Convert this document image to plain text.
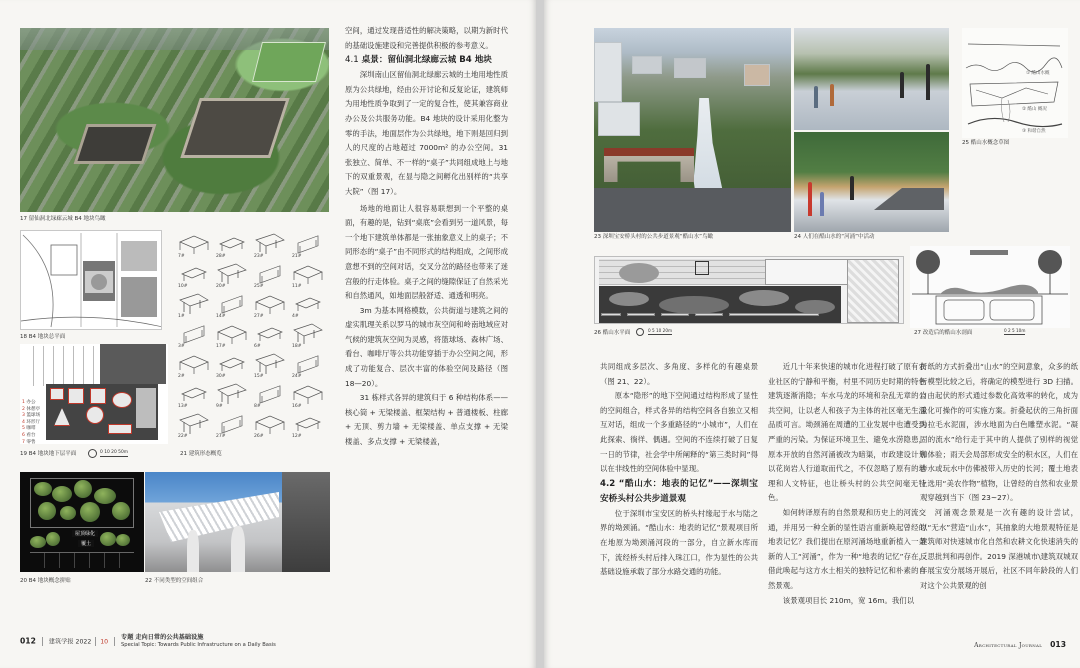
17 留仙洞北绿廊云城 B4 地块鸟瞰
18 B4 地块总平面
1 办公
2 休憩亭
3 篮球场
4 环形厅
5 咖啡
6 看台
7 零售
19 B4 地块地下层平面	0 10 20 50m
7#	28#	23#	21#
10#	20#	25#	11#
1#	14#	27#	4#
3#	17#	6#	18#
2#	30#	15#	24#
13#	9#	8#	16#
22#	27#	26#	12#
21 建筑形态概览

空间，通过发现普适性的解决策略，以期为新时代的基础设施建设和完善提供积极的参考意义。

4.1 桌景：留仙洞北绿廊云城 B4 地块

深圳南山区留仙洞北绿廊云城的土地用地性质原为公共绿地，经由公开讨论和反复论证，建筑师为用地性质争取到了一定的复合性，使其兼容商业办公及公共服务功能。B4 地块的设计采用化整为零的手法，地面层作为公共绿地，地下则是回归到人的尺度的占地超过 7000m² 的办公空间。31 张独立、简单、不一样的“桌子”共同组成地上与地下的双重景观，在显与隐之间孵化出别样的“共享大院”（图 17）。

场地的地面让人很容易联想到一个平整的桌面，有趣的是，钻到“桌底”会看到另一道风景，每一个地下建筑单体都是一张抽象意义上的桌子；不同形态的“桌子”由不同形式的结构组成，之间形成意想不到的空间对话，交叉分岔的路径也带来了迷宫般的行走体验。桌子之间的缝隙保证了自然采光和自然通风，如地面层般舒适、通透和明亮。

3m 为基本网格模数，公共街道与建筑之间的虚实肌理关系以罗马的城市灰空间和岭南地域应对气候的建筑灰空间为灵感，将篮球场、森林广场、看台、咖啡厅等公共功能穿插于办公空间之间，形成了功能复合、层次丰富的体验空间及路径（图 18—20）。

31 栋样式各异的建筑归于 6 种结构体系——核心筒 + 无梁楼盖、框架结构 + 普通楼板、柱廊 + 无顶、剪力墙 + 无梁楼盖、单点支撑 + 无梁楼盖、多点支撑 + 无梁楼盖，

屋顶绿化
覆土
20 B4 地块概念拼贴	22 不同类型的空间组合
012 建筑学报 2022 10  专题 走向日常的公共基础设施
Special Topic: Towards Public Infrastructure on a Daily Basis
23 深圳宝安桥头村的公共步道景观“酷山水”鸟瞰	24 人们在酷山水的“河涌”中活动
① 酷山水概
② 酷山 概况
③ 和谐自然
25 酷山水概念草图
26 酷山水平面	0 5 10 20m	27 改造后的酷山水剖面	0 2 5 10m

共同组成多层次、多角度、多样化的有趣桌景（图 21、22）。

原本“隐形”的地下空间通过结构形成了显性的空间组合，样式各异的结构空间各自独立又相互对话，组成一个多重路径的“小城市”，人们在此探索、徜徉、偶遇。空间的不连续打破了日复一日的节律，社会学中所阐释的“第三类时间”得以在非线性的空间体验中显现。

4.2 “酷山水：地表的记忆”——深圳宝安桥头村公共步道景观

位于深圳市宝安区的桥头村缘起于水与陆之界的坳颈涌。“酷山水：地表的记忆”景观项目所在地原为坳颈涌河段的一部分，自立新水库而下，流经桥头村后排入珠江口，作为显性的公共基础设施承载了部分水路交通的功能。

近几十年来快速的城市化进程打破了原有农业社区的宁静和平衡，村里不同历史时期的特色建筑逐渐消隐；车水马龙的环境和杂乱无章的公共空间，让以老人和孩子为主体的社区毫无生活品质可言。坳颈涌在周遭的工业发展中也遭受到严重的污染。为保证环境卫生、避免水涝隐患，原本开放的自然河涌被改为暗渠，市政建设计划以花岗岩人行道取而代之，不仅忽略了原有的地理和人文特征，也让桥头村的公共空间毫无特色。

如何转译原有的自然景观和历史上的河流交通，并用另一种全新的显性语言重新唤起曾经的地表记忆？我们提出在原河涌场地重新植入一条新的人工“河涌”，作为一种“地表的记忆”存在，借此唤起与这方水土相关的独特记忆和朴素的自然景观。

该景观项目长 210m，宽 16m。我们以

折纸的方式折叠出“山水”的空间意象，众多的纸折模型比较之后，将确定的模型进行 3D 扫描。自由起伏的形式通过参数化高效率的转化，成为量化可操作的可实施方案。折叠起伏的三角折面为拉毛水泥面，涉水地面为白色雕塑水泥。“凝固的流水”给行走于其中的人提供了别样的视觉和体验；雨天会局部形成安全的积水区，人们在涉水或玩水中仿佛被带入历史的长河；覆土地表上选用“美农作物”植物，让曾经的自然和农业景观穿越到当下（图 23~27）。

河涌观念景观是一次有趣的设计尝试，以“无水”营造“山水”，其抽象的大地景观特征是建筑师对快速城市化自然和农耕文化快速消失的反思批判和再创作。2019 深港城市\建筑双城双年展宝安分展场开展后，社区不同年龄段的人们对这个公共景观的创

Architectural Journal 013
